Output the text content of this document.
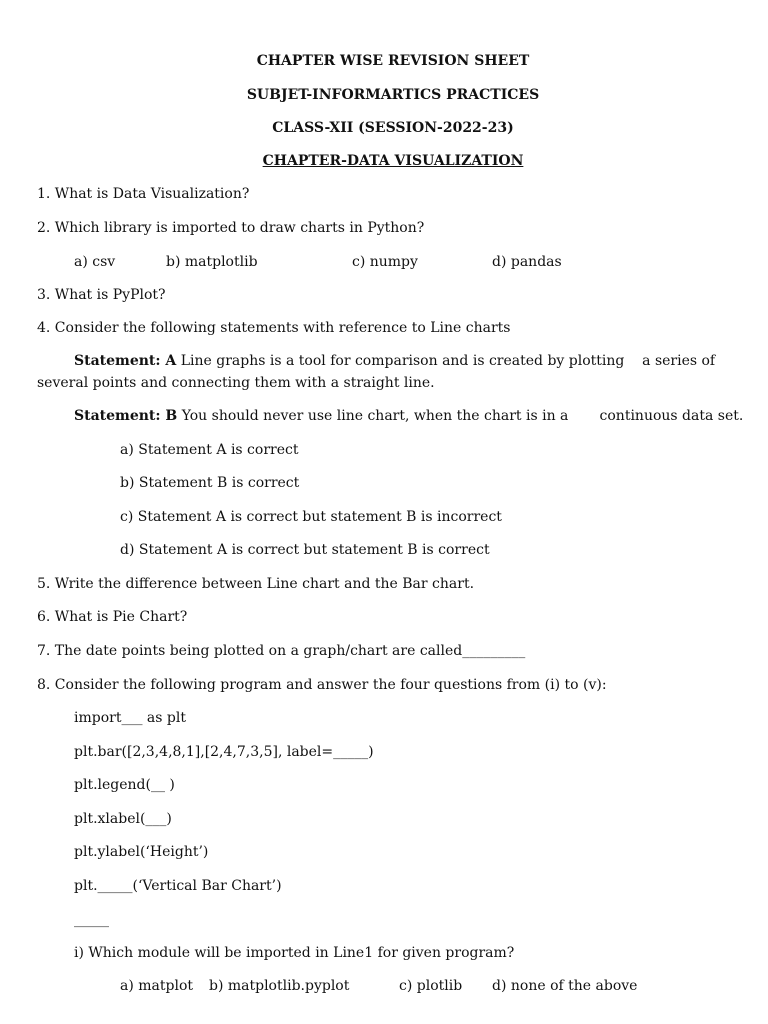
CHAPTER WISE REVISION SHEET
SUBJET-INFORMARTICS PRACTICES
CLASS-XII (SESSION-2022-23)
CHAPTER-DATA VISUALIZATION
1. What is Data Visualization?
2. Which library is imported to draw charts in Python?
a) csv	b) matplotlib	c) numpy	d) pandas
3. What is PyPlot?
4. Consider the following statements with reference to Line charts
Statement: A Line graphs is a tool for comparison and is created by plotting    a series of
several points and connecting them with a straight line.
Statement: B You should never use line chart, when the chart is in a       continuous data set.
a) Statement A is correct
b) Statement B is correct
c) Statement A is correct but statement B is incorrect
d) Statement A is correct but statement B is correct
5. Write the difference between Line chart and the Bar chart.
6. What is Pie Chart?
7. The date points being plotted on a graph/chart are called_________
8. Consider the following program and answer the four questions from (i) to (v):
import___ as plt
plt.bar([2,3,4,8,1],[2,4,7,3,5], label=_____)
plt.legend(__ )
plt.xlabel(___)
plt.ylabel(‘Height’)
plt._____(‘Vertical Bar Chart’)
_____
i) Which module will be imported in Line1 for given program?
a) matplot b) matplotlib.pyplot	c) plotlib d) none of the above
